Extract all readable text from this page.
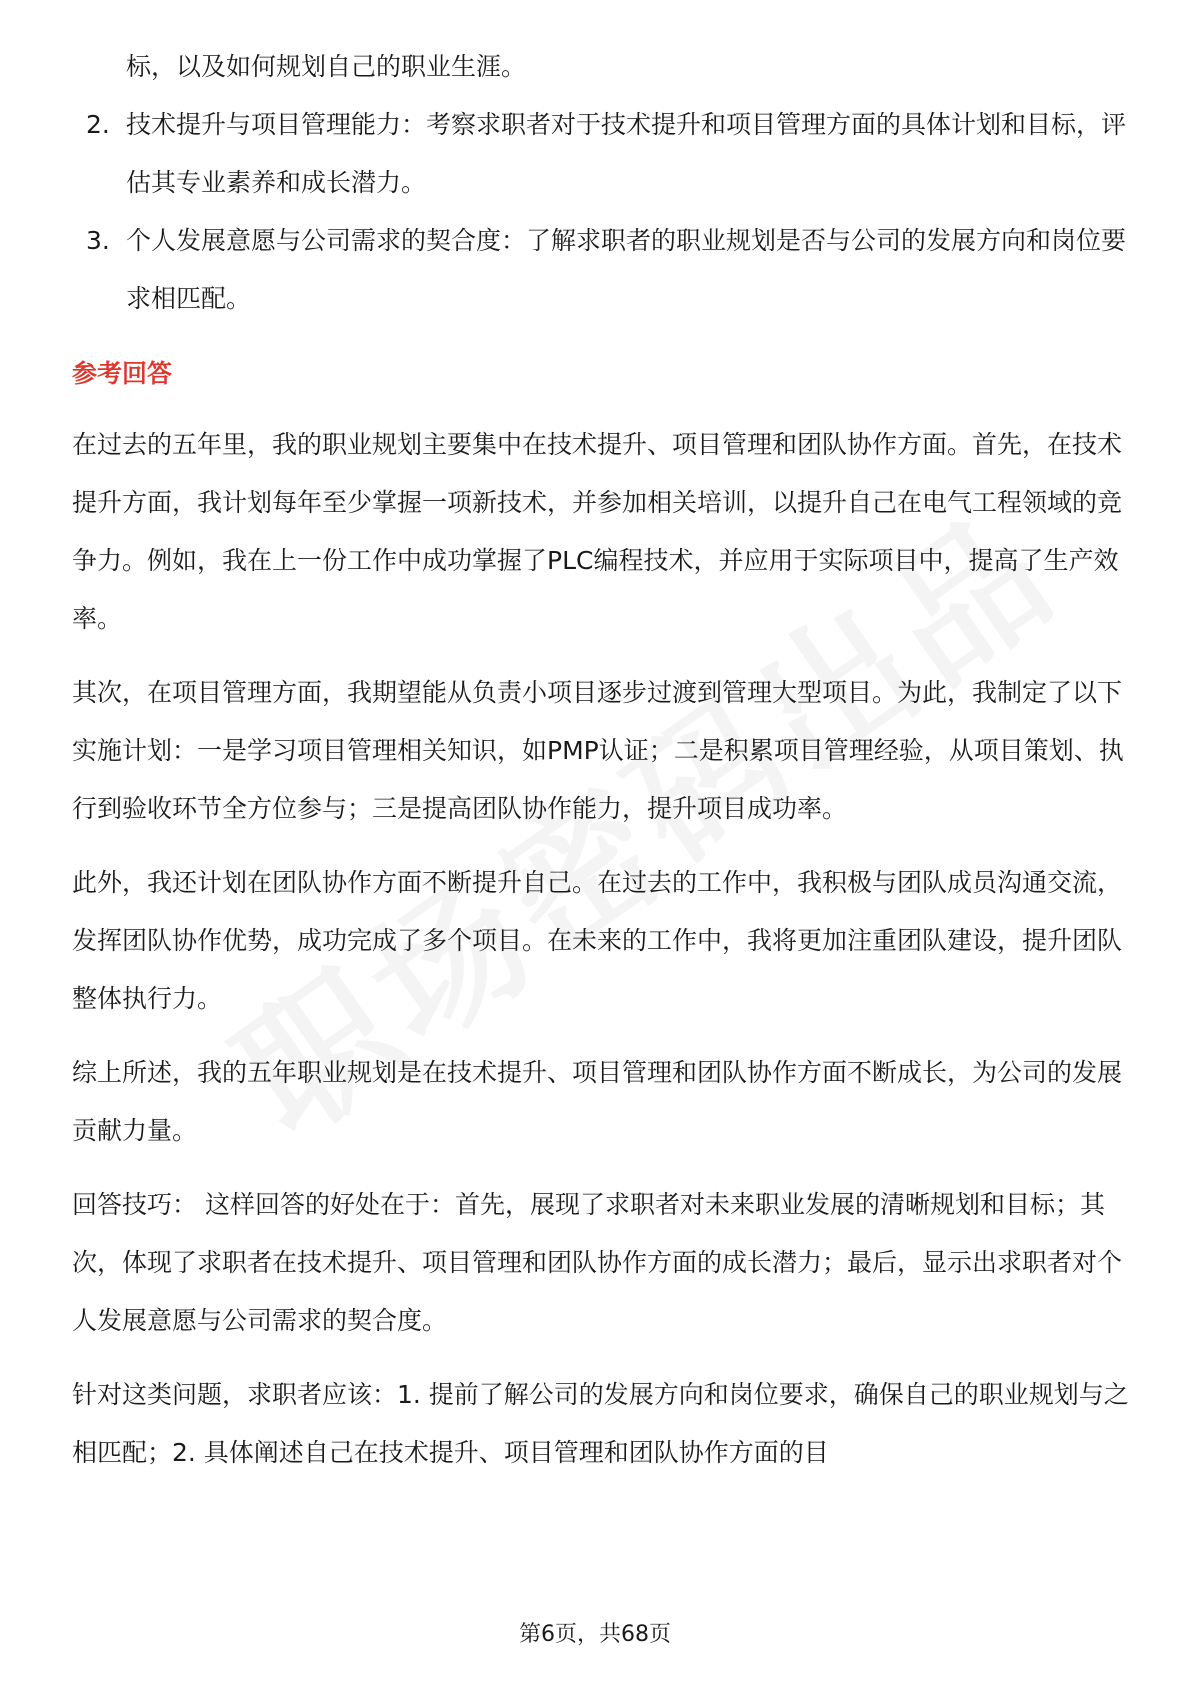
标，以及如何规划自己的职业生涯。

2. 技术提升与项目管理能力：考察求职者对于技术提升和项目管理方面的具体计划和目标，评估其专业素养和成长潜力。
3. 个人发展意愿与公司需求的契合度：了解求职者的职业规划是否与公司的发展方向和岗位要求相匹配。

参考回答

在过去的五年里，我的职业规划主要集中在技术提升、项目管理和团队协作方面。首先，在技术提升方面，我计划每年至少掌握一项新技术，并参加相关培训，以提升自己在电气工程领域的竞争力。例如，我在上一份工作中成功掌握了PLC编程技术，并应用于实际项目中，提高了生产效率。

其次，在项目管理方面，我期望能从负责小项目逐步过渡到管理大型项目。为此，我制定了以下实施计划：一是学习项目管理相关知识，如PMP认证；二是积累项目管理经验，从项目策划、执行到验收环节全方位参与；三是提高团队协作能力，提升项目成功率。

此外，我还计划在团队协作方面不断提升自己。在过去的工作中，我积极与团队成员沟通交流，发挥团队协作优势，成功完成了多个项目。在未来的工作中，我将更加注重团队建设，提升团队整体执行力。

综上所述，我的五年职业规划是在技术提升、项目管理和团队协作方面不断成长，为公司的发展贡献力量。

回答技巧： 这样回答的好处在于：首先，展现了求职者对未来职业发展的清晰规划和目标；其次，体现了求职者在技术提升、项目管理和团队协作方面的成长潜力；最后，显示出求职者对个人发展意愿与公司需求的契合度。

针对这类问题，求职者应该：1. 提前了解公司的发展方向和岗位要求，确保自己的职业规划与之相匹配；2. 具体阐述自己在技术提升、项目管理和团队协作方面的目

第6页，共68页
